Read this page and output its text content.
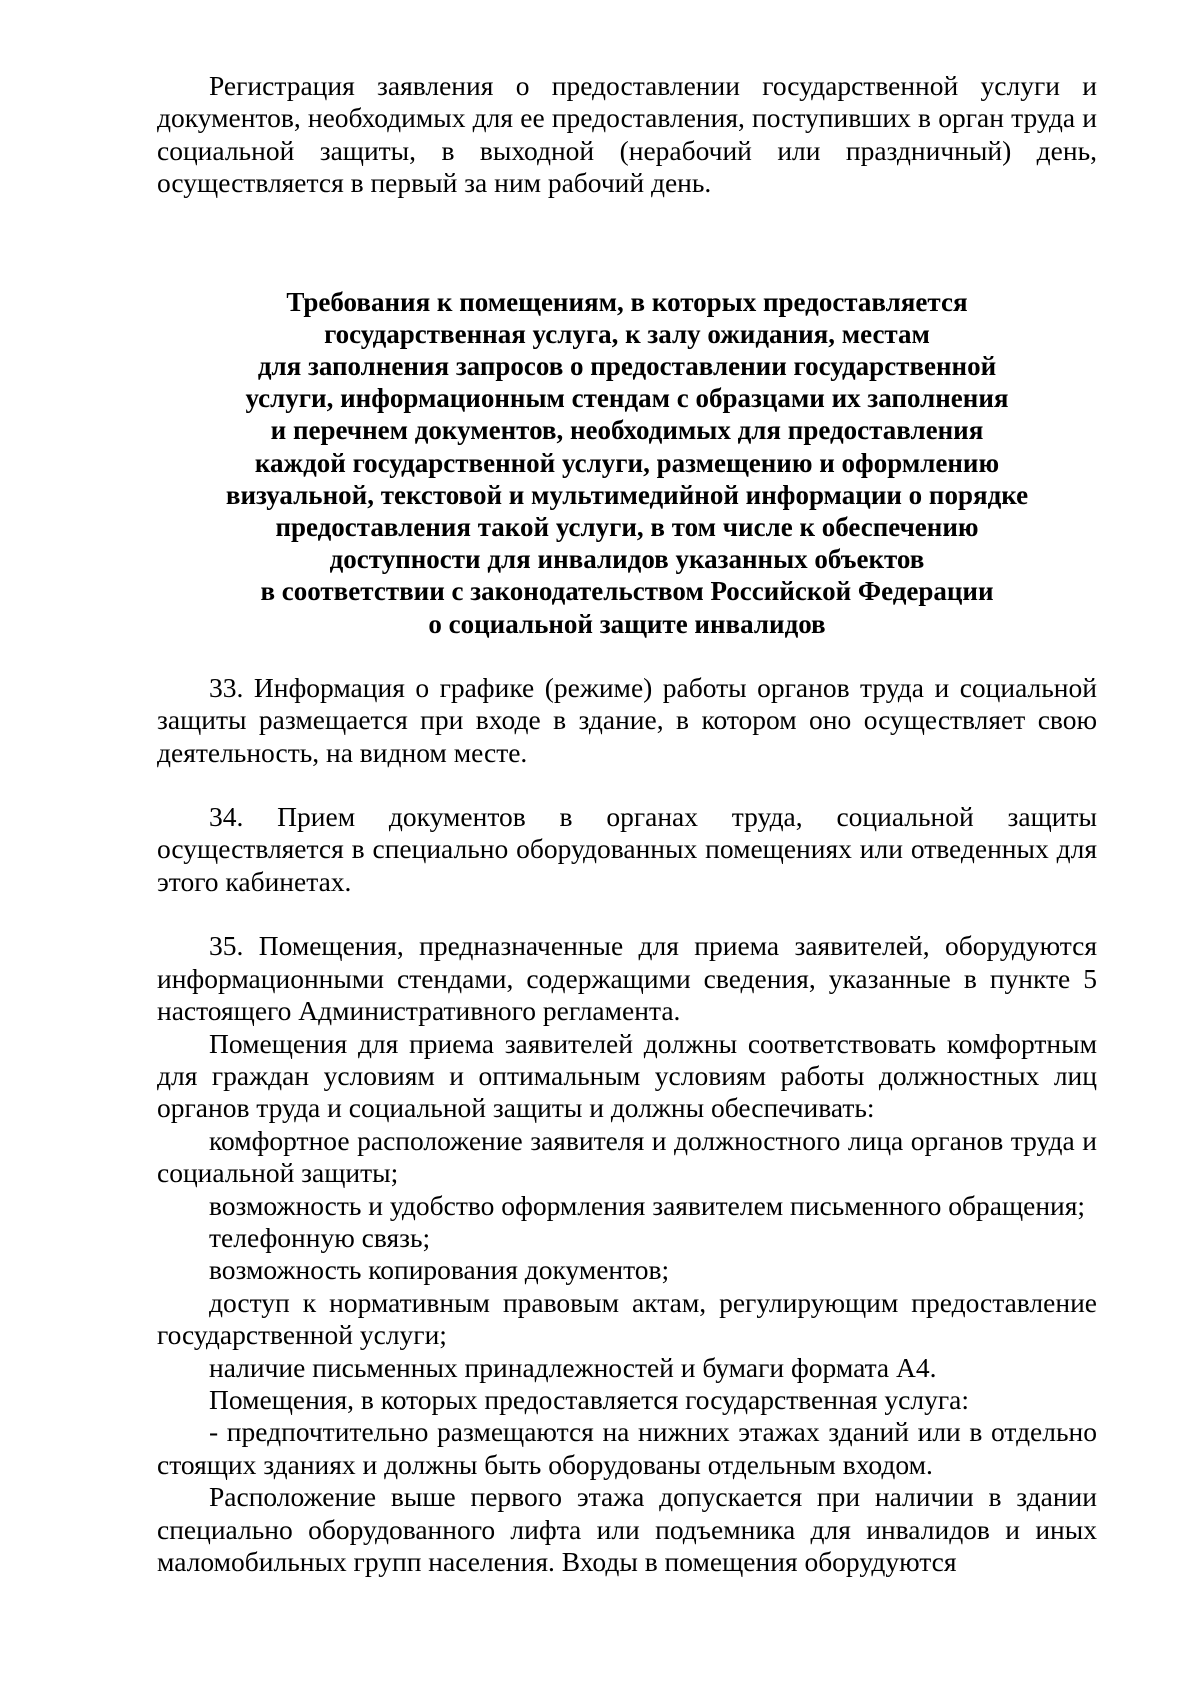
Регистрация заявления о предоставлении государственной услуги и документов, необходимых для ее предоставления, поступивших в орган труда и социальной защиты, в выходной (нерабочий или праздничный) день, осуществляется в первый за ним рабочий день.

Требования к помещениям, в которых предоставляется
государственная услуга, к залу ожидания, местам
для заполнения запросов о предоставлении государственной
услуги, информационным стендам с образцами их заполнения
и перечнем документов, необходимых для предоставления
каждой государственной услуги, размещению и оформлению
визуальной, текстовой и мультимедийной информации о порядке
предоставления такой услуги, в том числе к обеспечению
доступности для инвалидов указанных объектов
в соответствии с законодательством Российской Федерации
о социальной защите инвалидов

33. Информация о графике (режиме) работы органов труда и социальной защиты размещается при входе в здание, в котором оно осуществляет свою деятельность, на видном месте.

34. Прием документов в органах труда, социальной защиты осуществляется в специально оборудованных помещениях или отведенных для этого кабинетах.

35. Помещения, предназначенные для приема заявителей, оборудуются информационными стендами, содержащими сведения, указанные в пункте 5 настоящего Административного регламента.

Помещения для приема заявителей должны соответствовать комфортным для граждан условиям и оптимальным условиям работы должностных лиц органов труда и социальной защиты и должны обеспечивать:

комфортное расположение заявителя и должностного лица органов труда и социальной защиты;

возможность и удобство оформления заявителем письменного обращения;

телефонную связь;

возможность копирования документов;

доступ к нормативным правовым актам, регулирующим предоставление государственной услуги;

наличие письменных принадлежностей и бумаги формата А4.

Помещения, в которых предоставляется государственная услуга:

- предпочтительно размещаются на нижних этажах зданий или в отдельно стоящих зданиях и должны быть оборудованы отдельным входом.

Расположение выше первого этажа допускается при наличии в здании специально оборудованного лифта или подъемника для инвалидов и иных маломобильных групп населения. Входы в помещения оборудуются
